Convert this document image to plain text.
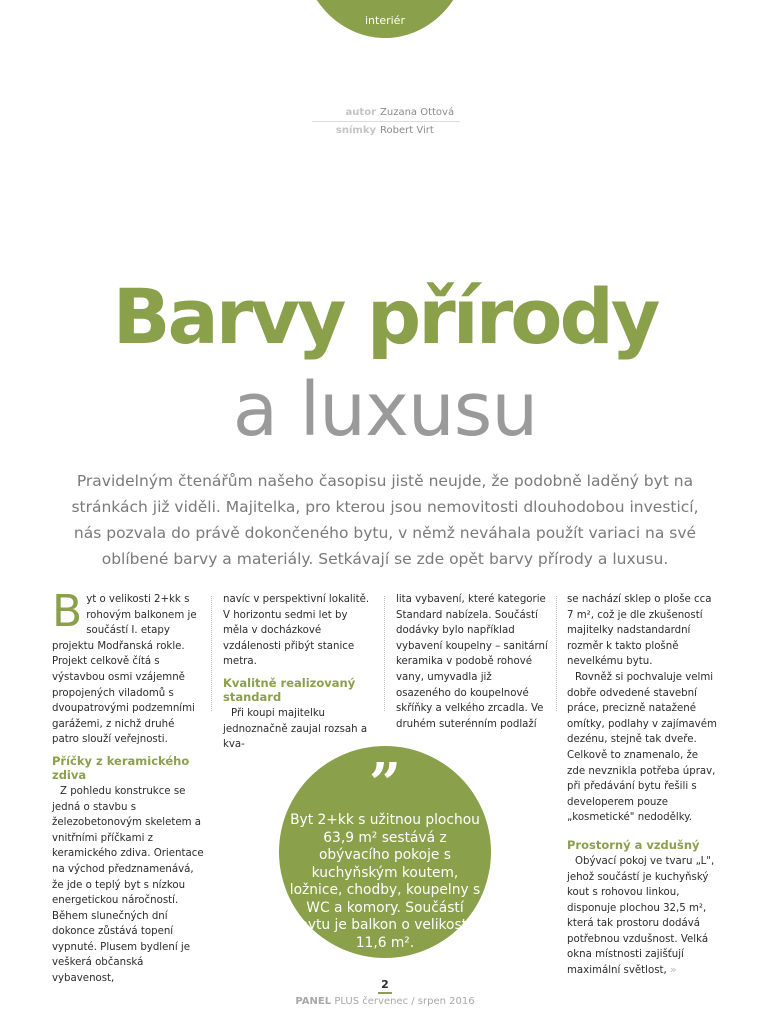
interiér
autor Zuzana Ottová
snímky Robert Virt
Barvy přírody
a luxusu
Pravidelným čtenářům našeho časopisu jistě neujde, že podobně laděný byt na stránkách již viděli. Majitelka, pro kterou jsou nemovitosti dlouhodobou investicí, nás pozvala do právě dokončeného bytu, v němž neváhala použít variaci na své oblíbené barvy a materiály. Setkávají se zde opět barvy přírody a luxusu.

Byt o velikosti 2+kk s rohovým balkonem je součástí I. etapy projektu Modřanská rokle. Projekt celkově čítá s výstavbou osmi vzájemně propojených viladomů s dvoupatrovými podzemními garážemi, z nichž druhé patro slouží veřejnosti.

Příčky z keramického zdiva

Z pohledu konstrukce se jedná o stavbu s železobetonovým skeletem a vnitřními příčkami z keramického zdiva. Orientace na východ předznamenává, že jde o teplý byt s nízkou energetickou náročností. Během slunečných dní dokonce zůstává topení vypnuté. Plusem bydlení je veškerá občanská vybavenost,

navíc v perspektivní lokalitě. V horizontu sedmi let by měla v docházkové vzdálenosti přibýt stanice metra.

Kvalitně realizovaný standard

Při koupi majitelku jednoznačně zaujal rozsah a kva-

lita vybavení, které kategorie Standard nabízela. Součástí dodávky bylo například vybavení koupelny – sanitární keramika v podobě rohové vany, umyvadla již osazeného do koupelnové skříňky a velkého zrcadla. Ve druhém suterénním podlaží

se nachází sklep o ploše cca 7 m², což je dle zkušeností majitelky nadstandardní rozměr k takto plošně nevelkému bytu.

Rovněž si pochvaluje velmi dobře odvedené stavební práce, precizně natažené omítky, podlahy v zajímavém dezénu, stejně tak dveře. Celkově to znamenalo, že zde nevznikla potřeba úprav, při předávání bytu řešili s developerem pouze „kosmetické" nedodělky.

Prostorný a vzdušný

Obývací pokoj ve tvaru „L", jehož součástí je kuchyňský kout s rohovou linkou, disponuje plochou 32,5 m², která tak prostoru dodává potřebnou vzdušnost. Velká okna místnosti zajišťují maximální světlost, »

”
Byt 2+kk s užitnou plochou 63,9 m² sestává z obývacího pokoje s kuchyňským koutem, ložnice, chodby, koupelny s WC a komory. Součástí bytu je balkon o velikosti 11,6 m².
2
PANEL PLUS červenec / srpen 2016
